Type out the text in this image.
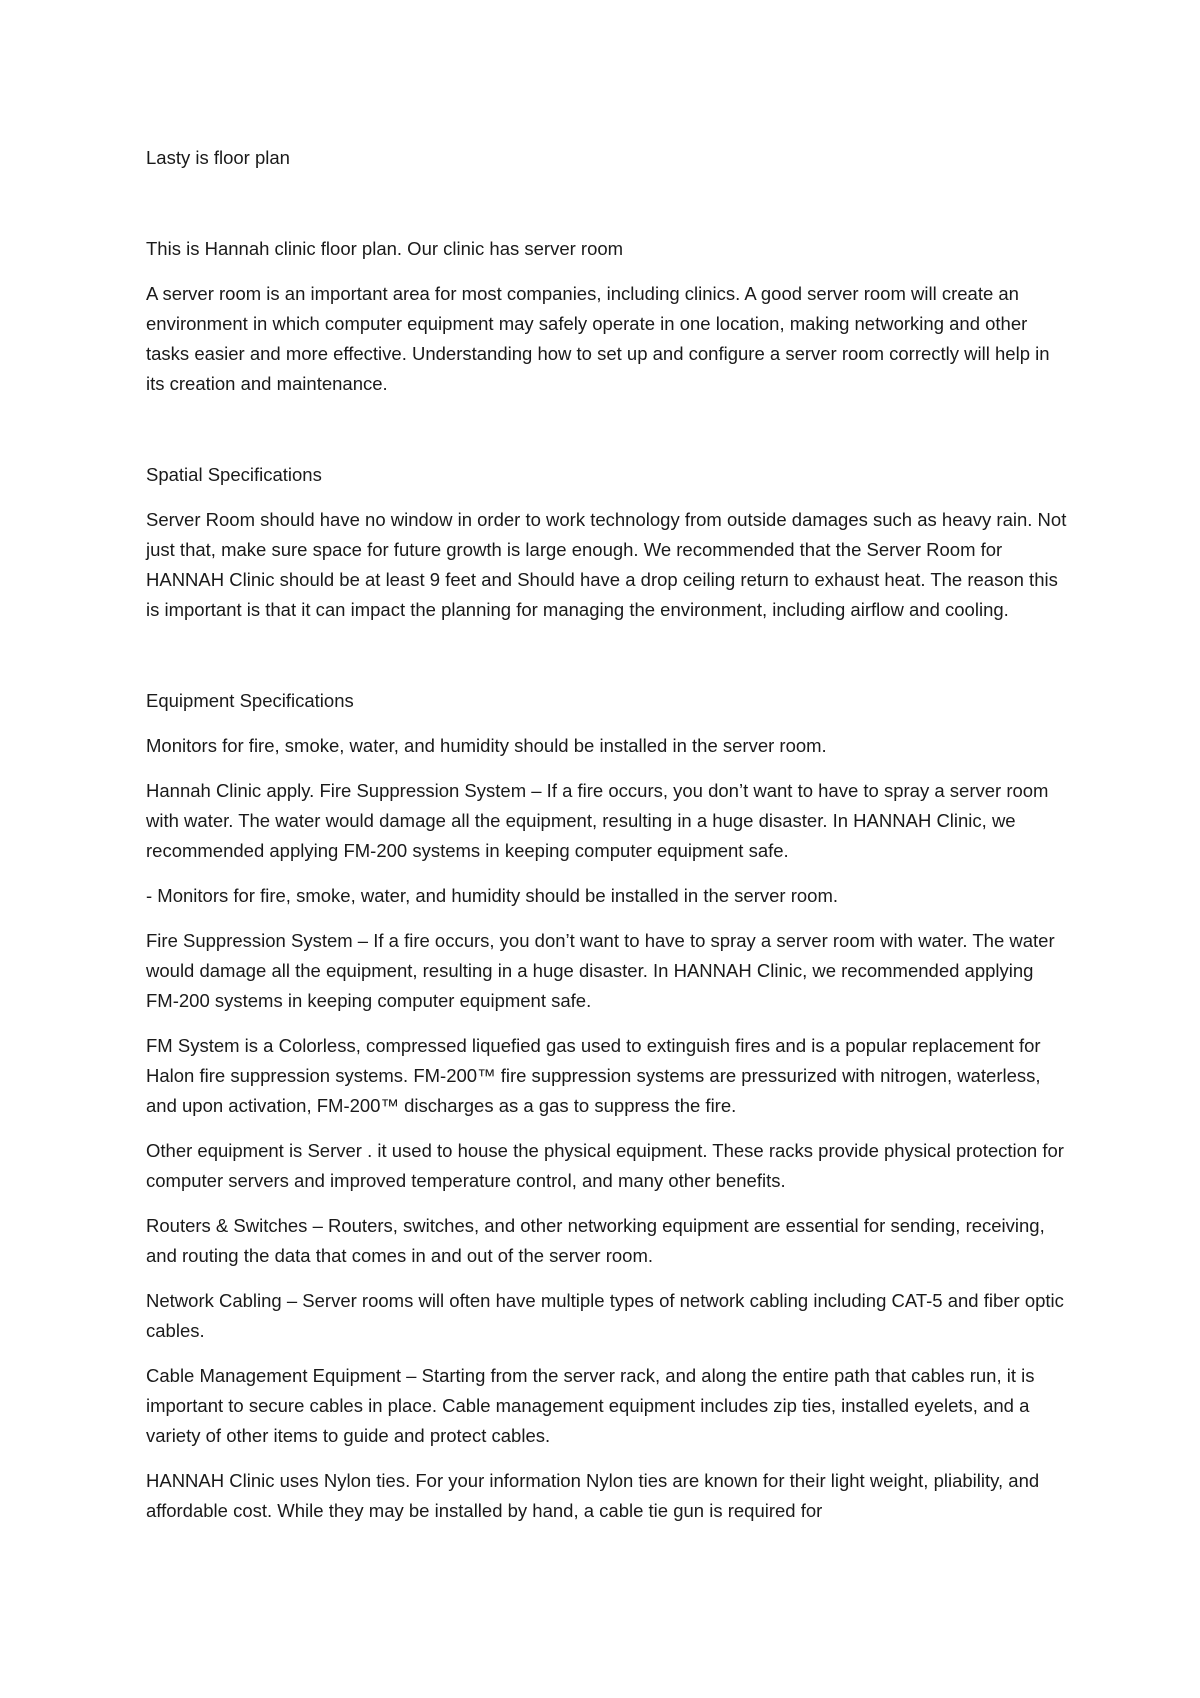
Lasty is floor plan

This is Hannah clinic floor plan. Our clinic has server room

A server room is an important area for most companies, including clinics. A good server room will create an environment in which computer equipment may safely operate in one location, making networking and other tasks easier and more effective. Understanding how to set up and configure a server room correctly will help in its creation and maintenance.

Spatial Specifications

Server Room should have no window in order to work technology from outside damages such as heavy rain. Not just that, make sure space for future growth is large enough. We recommended that the Server Room for HANNAH Clinic should be at least 9 feet and Should have a drop ceiling return to exhaust heat. The reason this is important is that it can impact the planning for managing the environment, including airflow and cooling.

Equipment Specifications

Monitors for fire, smoke, water, and humidity should be installed in the server room.

Hannah Clinic apply. Fire Suppression System – If a fire occurs, you don’t want to have to spray a server room with water. The water would damage all the equipment, resulting in a huge disaster. In HANNAH Clinic, we recommended applying FM-200 systems in keeping computer equipment safe.

- Monitors for fire, smoke, water, and humidity should be installed in the server room.

Fire Suppression System – If a fire occurs, you don’t want to have to spray a server room with water. The water would damage all the equipment, resulting in a huge disaster. In HANNAH Clinic, we recommended applying FM-200 systems in keeping computer equipment safe.

FM System is a Colorless, compressed liquefied gas used to extinguish fires and is a popular replacement for Halon fire suppression systems. FM-200™ fire suppression systems are pressurized with nitrogen, waterless, and upon activation, FM-200™ discharges as a gas to suppress the fire.

Other equipment is Server . it used to house the physical equipment. These racks provide physical protection for computer servers and improved temperature control, and many other benefits.

Routers & Switches – Routers, switches, and other networking equipment are essential for sending, receiving, and routing the data that comes in and out of the server room.

Network Cabling – Server rooms will often have multiple types of network cabling including CAT-5 and fiber optic cables.

Cable Management Equipment – Starting from the server rack, and along the entire path that cables run, it is important to secure cables in place. Cable management equipment includes zip ties, installed eyelets, and a variety of other items to guide and protect cables.

HANNAH Clinic uses Nylon ties. For your information Nylon ties are known for their light weight, pliability, and affordable cost. While they may be installed by hand, a cable tie gun is required for
